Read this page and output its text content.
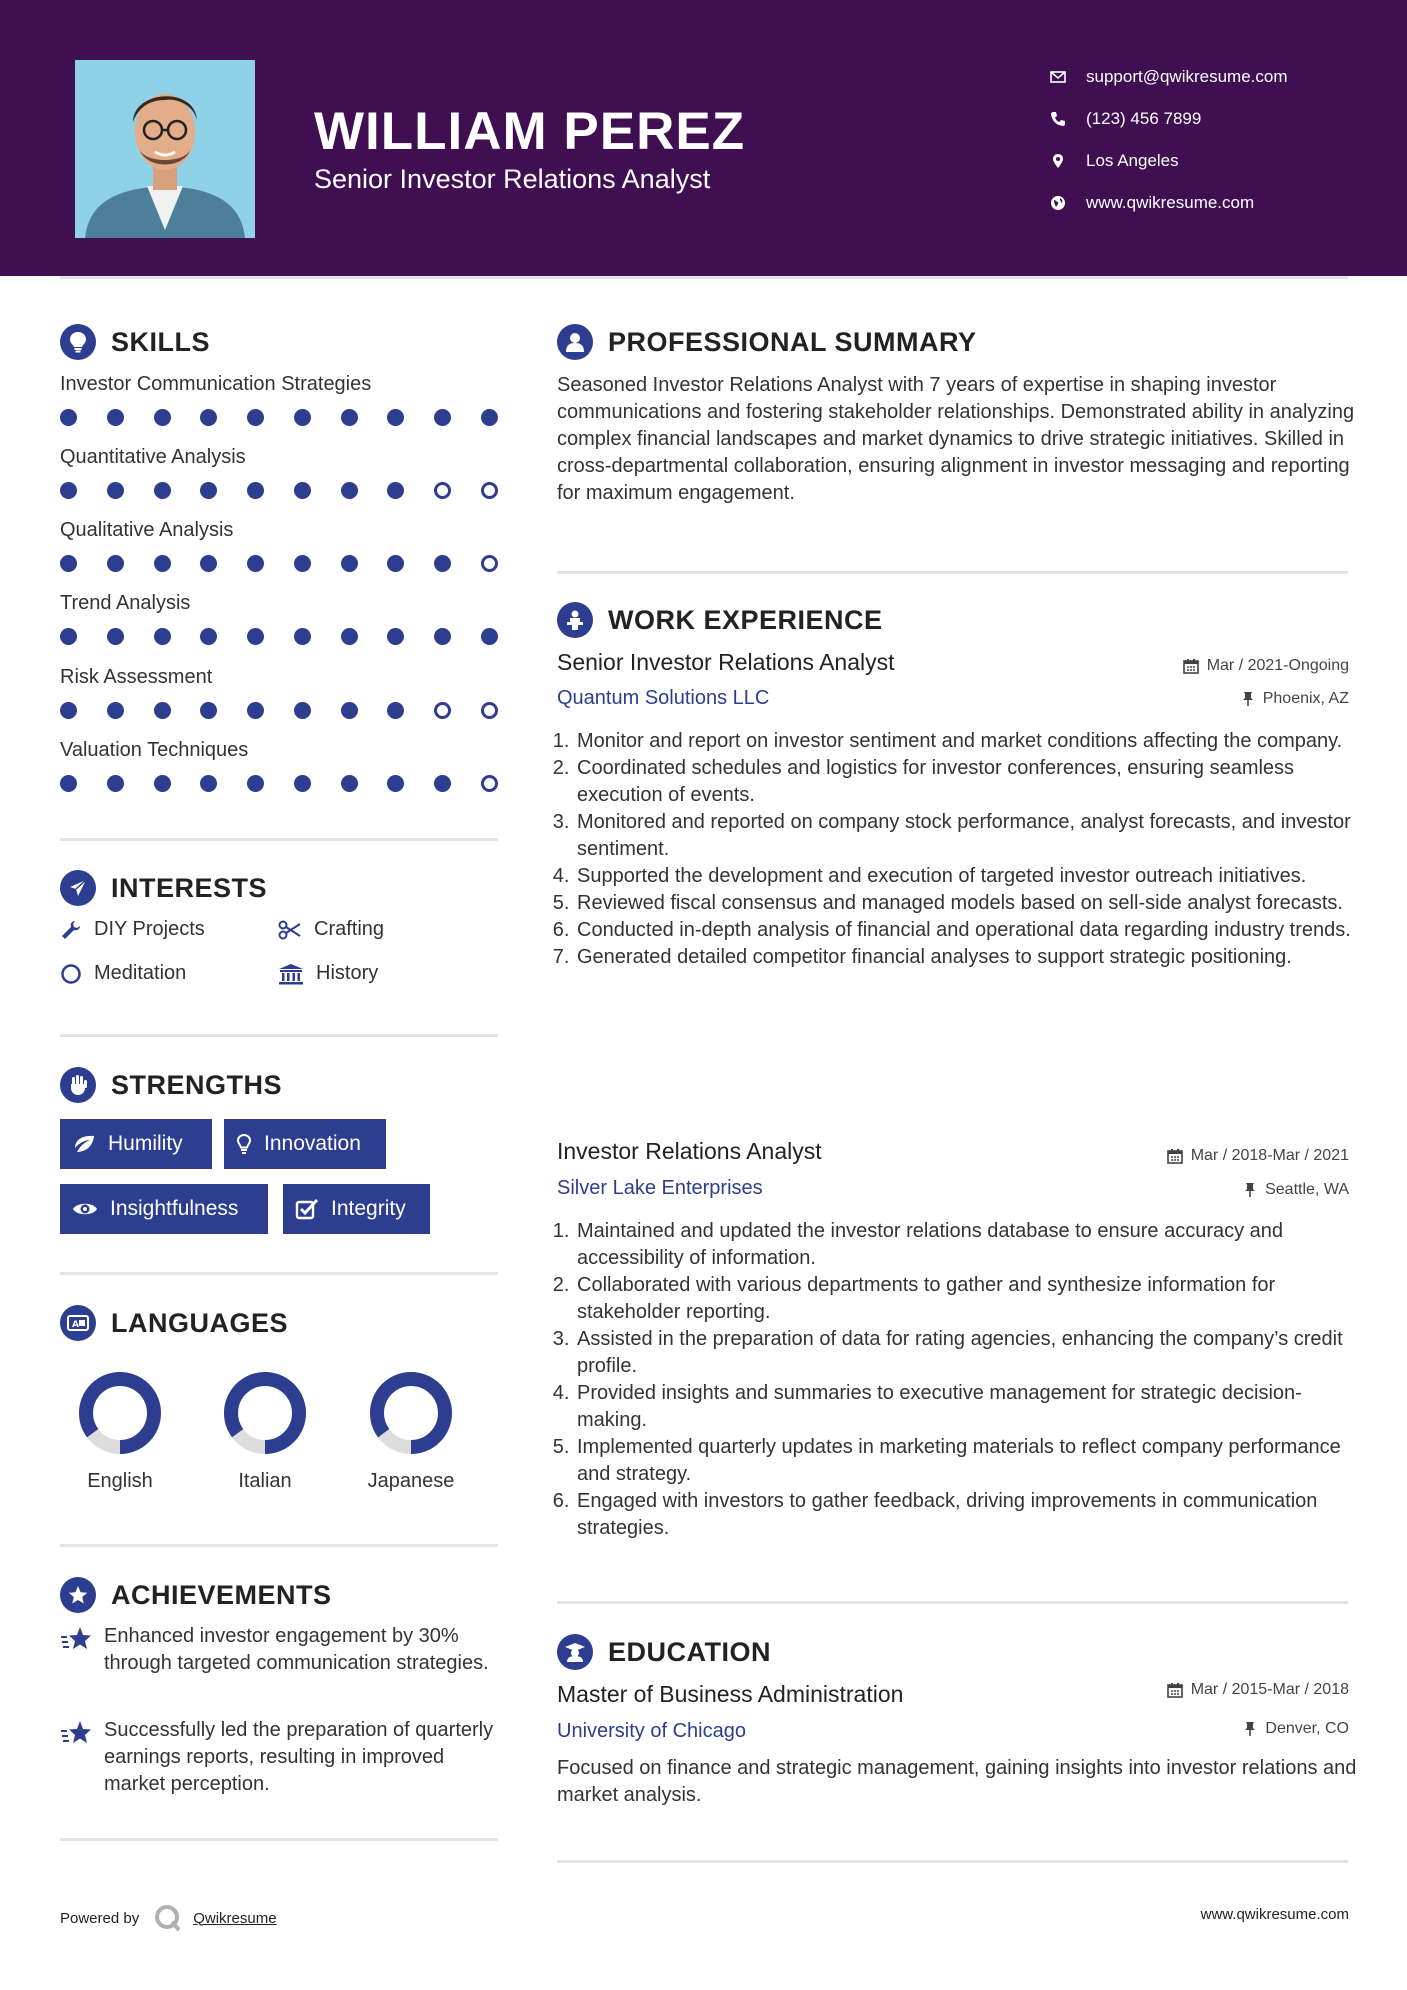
WILLIAM PEREZ
Senior Investor Relations Analyst
support@qwikresume.com
(123) 456 7899
Los Angeles
www.qwikresume.com
SKILLS
Investor Communication Strategies
Quantitative Analysis
Qualitative Analysis
Trend Analysis
Risk Assessment
Valuation Techniques
INTERESTS
DIY Projects	Crafting
Meditation	History
STRENGTHS
Humility	Innovation
Insightfulness	Integrity
A LANGUAGES
English	Italian	Japanese
ACHIEVEMENTS
Enhanced investor engagement by 30% through targeted communication strategies.
Successfully led the preparation of quarterly earnings reports, resulting in improved market perception.
PROFESSIONAL SUMMARY

Seasoned Investor Relations Analyst with 7 years of expertise in shaping investor communications and fostering stakeholder relationships. Demonstrated ability in analyzing complex financial landscapes and market dynamics to drive strategic initiatives. Skilled in cross-departmental collaboration, ensuring alignment in investor messaging and reporting for maximum engagement.

WORK EXPERIENCE
Senior Investor Relations Analyst	Mar / 2021-Ongoing
Quantum Solutions LLC	Phoenix, AZ
1. Monitor and report on investor sentiment and market conditions affecting the company.
2. Coordinated schedules and logistics for investor conferences, ensuring seamless execution of events.
3. Monitored and reported on company stock performance, analyst forecasts, and investor sentiment.
4. Supported the development and execution of targeted investor outreach initiatives.
5. Reviewed fiscal consensus and managed models based on sell-side analyst forecasts.
6. Conducted in-depth analysis of financial and operational data regarding industry trends.
7. Generated detailed competitor financial analyses to support strategic positioning.
Investor Relations Analyst	Mar / 2018-Mar / 2021
Silver Lake Enterprises	Seattle, WA
1. Maintained and updated the investor relations database to ensure accuracy and accessibility of information.
2. Collaborated with various departments to gather and synthesize information for stakeholder reporting.
3. Assisted in the preparation of data for rating agencies, enhancing the company’s credit profile.
4. Provided insights and summaries to executive management for strategic decision-making.
5. Implemented quarterly updates in marketing materials to reflect company performance and strategy.
6. Engaged with investors to gather feedback, driving improvements in communication strategies.
EDUCATION
Master of Business Administration	Mar / 2015-Mar / 2018
University of Chicago	Denver, CO

Focused on finance and strategic management, gaining insights into investor relations and market analysis.

Powered by	Qwikresume	www.qwikresume.com
